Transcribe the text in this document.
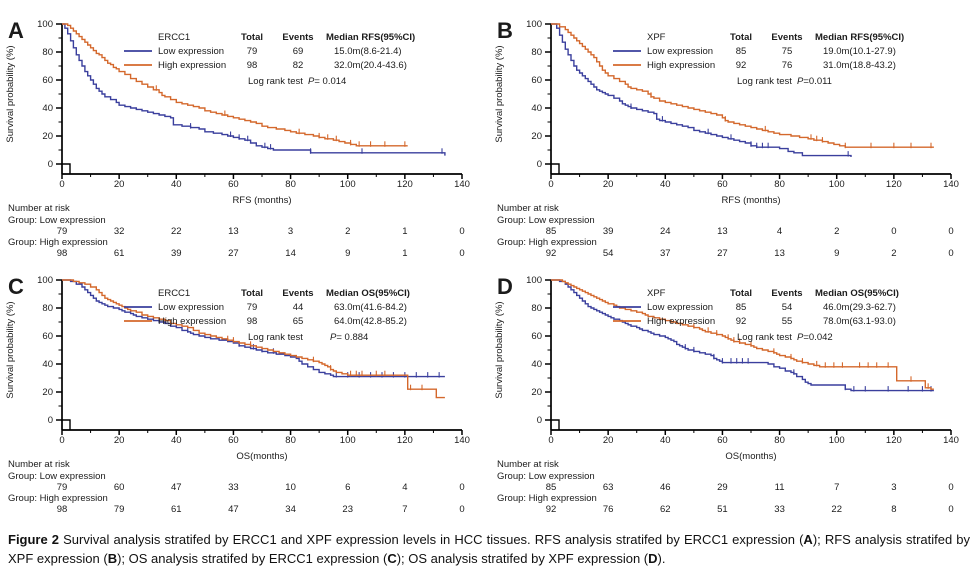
A
Survival probability (%)
0	20	40	60	80	100	120	140
0
20
40
60
80
100
RFS (months)
ERCC1	Total Events Median RFS(95%CI)
Low expression 79	69	15.0m(8.6-21.4)
High expression 98	82	32.0m(20.4-43.6)
Log rank test P= 0.014
Number at risk
Group: Low expression
79	32	22	13	3	2	1	0
Group: High expression
98	61	39	27	14	9	1	0
B
Survival probability (%)
0	20	40	60	80	100	120	140
0
20
40
60
80
100
RFS (months)
XPF	Total Events Median RFS(95%CI)
Low expression 85	75	19.0m(10.1-27.9)
High expression 92	76	31.0m(18.8-43.2)
Log rank test P=0.011
Number at risk
Group: Low expression
85	39	24	13	4	2	0	0
Group: High expression
92	54	37	27	13	9	2	0
C
Survival probability (%)
0	20	40	60	80	100	120	140
0
20
40
60
80
100
OS(months)
ERCC1	Total Events Median OS(95%CI)
Low expression 79	44	63.0m(41.6-84.2)
High expression 98	65	64.0m(42.8-85.2)
Log rank test	P= 0.884
Number at risk
Group: Low expression
79	60	47	33	10	6	4	0
Group: High expression
98	79	61	47	34	23	7	0
D
Survival probability (%)
0	20	40	60	80	100	120	140
0
20
40
60
80
100
OS(months)
XPF	Total Events Median OS(95%CI)
Low expression 85	54	46.0m(29.3-62.7)
High expression 92	55	78.0m(63.1-93.0)
Log rank test P=0.042
Number at risk
Group: Low expression
85	63	46	29	11	7	3	0
Group: High expression
92	76	62	51	33	22	8	0

Figure 2 Survival analysis stratifed by ERCC1 and XPF expression levels in HCC tissues. RFS analysis stratifed by ERCC1 expression (A); RFS analysis stratifed by XPF expression (B); OS analysis stratifed by ERCC1 expression (C); OS analysis stratifed by XPF expression (D).
